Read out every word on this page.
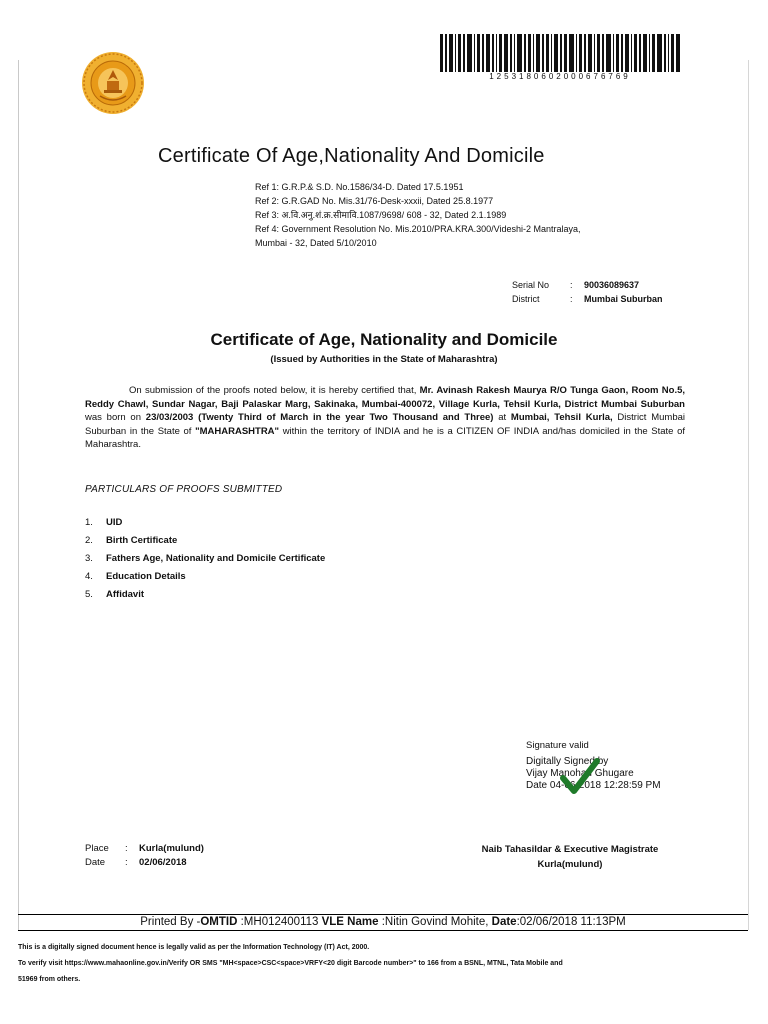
1253180602000676769
Certificate Of Age,Nationality And Domicile
Ref 1: G.R.P.& S.D. No.1586/34-D. Dated 17.5.1951
Ref 2: G.R.GAD No. Mis.31/76-Desk-xxxii, Dated 25.8.1977
Ref 3: अ.वि.अनु.शं.क्र.सीमावि.1087/9698/ 608 - 32, Dated 2.1.1989
Ref 4: Government Resolution No. Mis.2010/PRA.KRA.300/Videshi-2 Mantralaya,
Mumbai - 32, Dated 5/10/2010
Serial No : 90036089637
District	: Mumbai Suburban
Certificate of Age, Nationality and Domicile
(Issued by Authorities in the State of Maharashtra)
On submission of the proofs noted below, it is hereby certified that, Mr. Avinash Rakesh Maurya R/O Tunga Gaon, Room No.5, Reddy Chawl, Sundar Nagar, Baji Palaskar Marg, Sakinaka, Mumbai-400072, Village Kurla, Tehsil Kurla, District Mumbai Suburban was born on 23/03/2003 (Twenty Third of March in the year Two Thousand and Three) at Mumbai, Tehsil Kurla, District Mumbai Suburban in the State of "MAHARASHTRA" within the territory of INDIA and he is a CITIZEN OF INDIA and/has domiciled in the State of Maharashtra.
PARTICULARS OF PROOFS SUBMITTED
1.	UID
2.	Birth Certificate
3.	Fathers Age, Nationality and Domicile Certificate
4.	Education Details
5.	Affidavit
Signature valid
Digitally Signed by
Vijay Manohau Ghugare
Date 04-06-2018 12:28:59 PM
Place : Kurla(mulund)
Date : 02/06/2018
Naib Tahasildar & Executive Magistrate
Kurla(mulund)
Printed By -OMTID :MH012400113 VLE Name :Nitin Govind Mohite, Date:02/06/2018 11:13PM
This is a digitally signed document hence is legally valid as per the Information Technology (IT) Act, 2000.
To verify visit https://www.mahaonline.gov.in/Verify OR SMS "MH<space>CSC<space>VRFY<20 digit Barcode number>" to 166 from a BSNL, MTNL, Tata Mobile and
51969 from others.
